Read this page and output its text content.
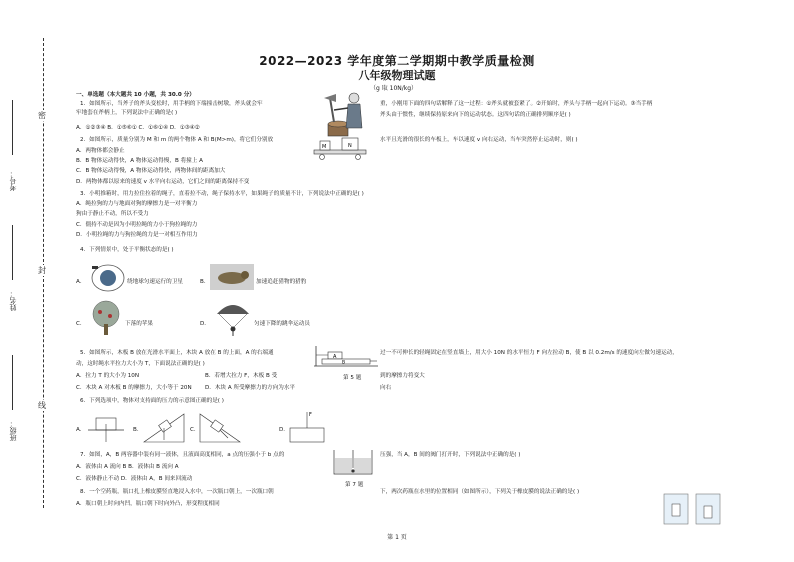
密
封
线
考号：
姓名：
班级：
2022—2023 学年度第二学期期中教学质量检测
八年级物理试题
（g 取 10N/kg）
一、单选题（本大题共 10 小题，共 30.0 分）
1．如图所示，当斧子的斧头变松时，用手柄的下端撞击树墩，斧头就会牢
牢地套在斧柄上，下列说法中正确的是( )
A．①②③④ B．①⑤⑥① C．①⑥①④ D．①③④②
重，小刚用下面的四句话解释了这一过程：①斧头就被套紧了。②开始时，斧头与手柄一起向下运动。③当手柄
斧头由于惯性，继续保持原来向下的运动状态。这四句话的正确排列顺序是( )
2．如图所示，质量分别为 M 和 m 的两个物体 A 和 B(M>m)，将它们分别放
A．两物体都会静止
B．B 物体运动得快，A 物体运动得慢，B 将撞上 A
C．B 物体运动得慢，A 物体运动得快，两物体间的距离加大
D．两物体都以原来的速度 v 水平向右运动，它们之间的距离保持不变
水平且光滑的很长的车板上，车以速度 v 向右运动，当车突然停止运动时，则( )
M	N
3．小明推箱时，用力拉住拉着的绳子，直着拉不动，绳子保持水平，如果绳子的质量不计，下列说法中正确的是( )
A．绳拉狗的力与地面对狗的摩擦力是一对平衡力
狗由于静止不动，所以不受力
C．僵持不动是因为小明拉绳的力小于狗拉绳的力
D．小明拉绳的力与狗拉绳的力是一对相互作用力
4．下列情景中，处于平衡状态的是( )
A．	绕地球匀速运行的卫星	B．	加速追赶猎物的猎豹
C．	下落的苹果	D．	匀速下降的跳伞运动员
5．如图所示，木板 B 放在光滑水平面上，木块 A 放在 B 的上面，A 的右端通	过一不可伸长的轻绳固定在竖直墙上，用大小 10N 的水平恒力 F 向左拉动 B，使 B 以 0.2m/s 的速度向左做匀速运动，
动，这时绳水平拉力大小为 T，下面说法正确的是( )
A．拉力 T 的大小为 10N	B．若增大拉力 F，木板 B 受	到的摩擦力将变大
C．木块 A 对木板 B 的摩擦力，大小等于 20N D．木块 A 所受摩擦力的方向为水平	向右
A
B
第 5 题
6．下列选项中，物体对支持面的压力的示意图正确的是( )
A.	B.	C.	D.
F
7．如图，A，B 两容器中装有同一液体，且液面高度相同，a 点的压强小于 b 点的	压强，当 A，B 间的阀门打开时，下列说法中正确的是( )
A．液体由 A 流向 B B．液体由 B 流向 A
C．液体静止不动 D．液体由 A，B 间来回流动
第 7 题
8．一个空药瓶，瓶口扎上橡皮膜竖直地浸入水中，一次瓶口朝上，一次瓶口朝	下，两次药瓶在水里的位置相同（如图所示），下列关于橡皮膜的说法正确的是( )
A．瓶口朝上时向内凹，瓶口朝下时向外凸，形变程度相同
第 1 页
